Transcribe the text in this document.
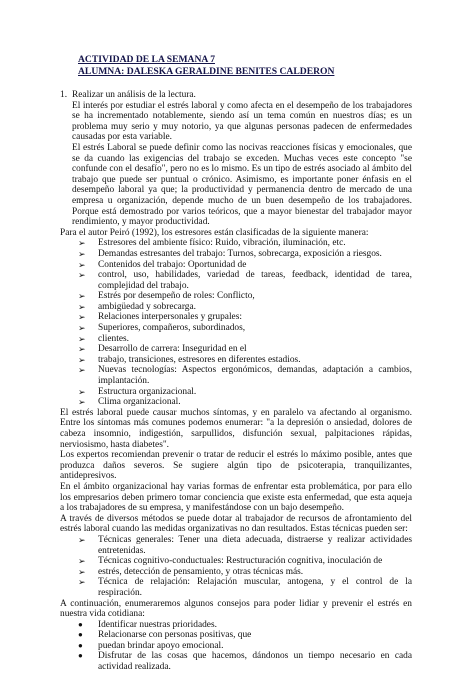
ACTIVIDAD DE LA SEMANA 7
ALUMNA: DALESKA GERALDINE BENITES CALDERON
1. Realizar un análisis de la lectura.

El interés por estudiar el estrés laboral y como afecta en el desempeño de los trabajadores se ha incrementado notablemente, siendo así un tema común en nuestros días; es un problema muy serio y muy notorio, ya que algunas personas padecen de enfermedades causadas por esta variable.

El estrés Laboral se puede definir como las nocivas reacciones físicas y emocionales, que se da cuando las exigencias del trabajo se exceden. Muchas veces este concepto "se confunde con el desafío", pero no es lo mismo. Es un tipo de estrés asociado al ámbito del trabajo que puede ser puntual o crónico. Asimismo, es importante poner énfasis en el desempeño laboral ya que; la productividad y permanencia dentro de mercado de una empresa u organización, depende mucho de un buen desempeño de los trabajadores. Porque está demostrado por varios teóricos, que a mayor bienestar del trabajador mayor rendimiento, y mayor productividad.

Para el autor Peiró (1992), los estresores están clasificadas de la siguiente manera:

➢	Estresores del ambiente físico: Ruido, vibración, iluminación, etc.
➢	Demandas estresantes del trabajo: Turnos, sobrecarga, exposición a riesgos.
➢	Contenidos del trabajo: Oportunidad de
➢	control, uso, habilidades, variedad de tareas, feedback, identidad de tarea, complejidad del trabajo.
➢	Estrés por desempeño de roles: Conflicto,
➢	ambigüedad y sobrecarga.
➢	Relaciones interpersonales y grupales:
➢	Superiores, compañeros, subordinados,
➢	clientes.
➢	Desarrollo de carrera: Inseguridad en el
➢	trabajo, transiciones, estresores en diferentes estadios.
➢	Nuevas tecnologías: Aspectos ergonómicos, demandas, adaptación a cambios, implantación.
➢	Estructura organizacional.
➢	Clima organizacional.

El estrés laboral puede causar muchos síntomas, y en paralelo va afectando al organismo. Entre los síntomas más comunes podemos enumerar: "a la depresión o ansiedad, dolores de cabeza insomnio, indigestión, sarpullidos, disfunción sexual, palpitaciones rápidas, nerviosismo, hasta diabetes".

Los expertos recomiendan prevenir o tratar de reducir el estrés lo máximo posible, antes que produzca daños severos. Se sugiere algún tipo de psicoterapia, tranquilizantes, antidepresivos.

En el ámbito organizacional hay varias formas de enfrentar esta problemática, por para ello los empresarios deben primero tomar conciencia que existe esta enfermedad, que esta aqueja a los trabajadores de su empresa, y manifestándose con un bajo desempeño.

A través de diversos métodos se puede dotar al trabajador de recursos de afrontamiento del estrés laboral cuando las medidas organizativas no dan resultados. Estas técnicas pueden ser:

➢	Técnicas generales: Tener una dieta adecuada, distraerse y realizar actividades entretenidas.
➢	Técnicas cognitivo-conductuales: Restructuración cognitiva, inoculación de
➢	estrés, detección de pensamiento, y otras técnicas más.
➢	Técnica de relajación: Relajación muscular, antogena, y el control de la respiración.

A continuación, enumeraremos algunos consejos para poder lidiar y prevenir el estrés en nuestra vida cotidiana:

●	Identificar nuestras prioridades.
●	Relacionarse con personas positivas, que
●	puedan brindar apoyo emocional.
●	Disfrutar de las cosas que hacemos, dándonos un tiempo necesario en cada actividad realizada.
